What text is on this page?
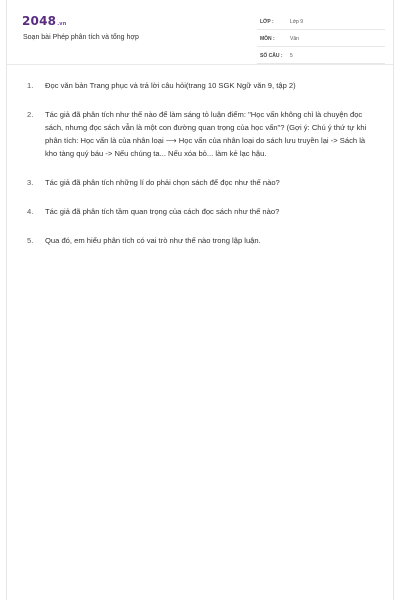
2048.vn
Soạn bài Phép phân tích và tổng hợp
LỚP :	Lớp 9
MÔN :	Văn
SỐ CÂU : 5
1. Đọc văn bản Trang phục và trả lời câu hỏi(trang 10 SGK Ngữ văn 9, tập 2)
2. Tác giả đã phân tích như thế nào để làm sáng tỏ luận điểm: "Học vấn không chỉ là chuyện đọc sách, nhưng đọc sách vẫn là một con đường quan trọng của học vấn"? (Gợi ý: Chú ý thứ tự khi phân tích: Học vấn là của nhân loại ⟶ Học vấn của nhân loại do sách lưu truyền lại -> Sách là kho tàng quý báu -> Nếu chúng ta... Nếu xóa bỏ... làm kẻ lạc hậu.
3. Tác giả đã phân tích những lí do phải chọn sách để đọc như thế nào?
4. Tác giả đã phân tích tầm quan trọng của cách đọc sách như thế nào?
5. Qua đó, em hiểu phân tích có vai trò như thế nào trong lập luận.
